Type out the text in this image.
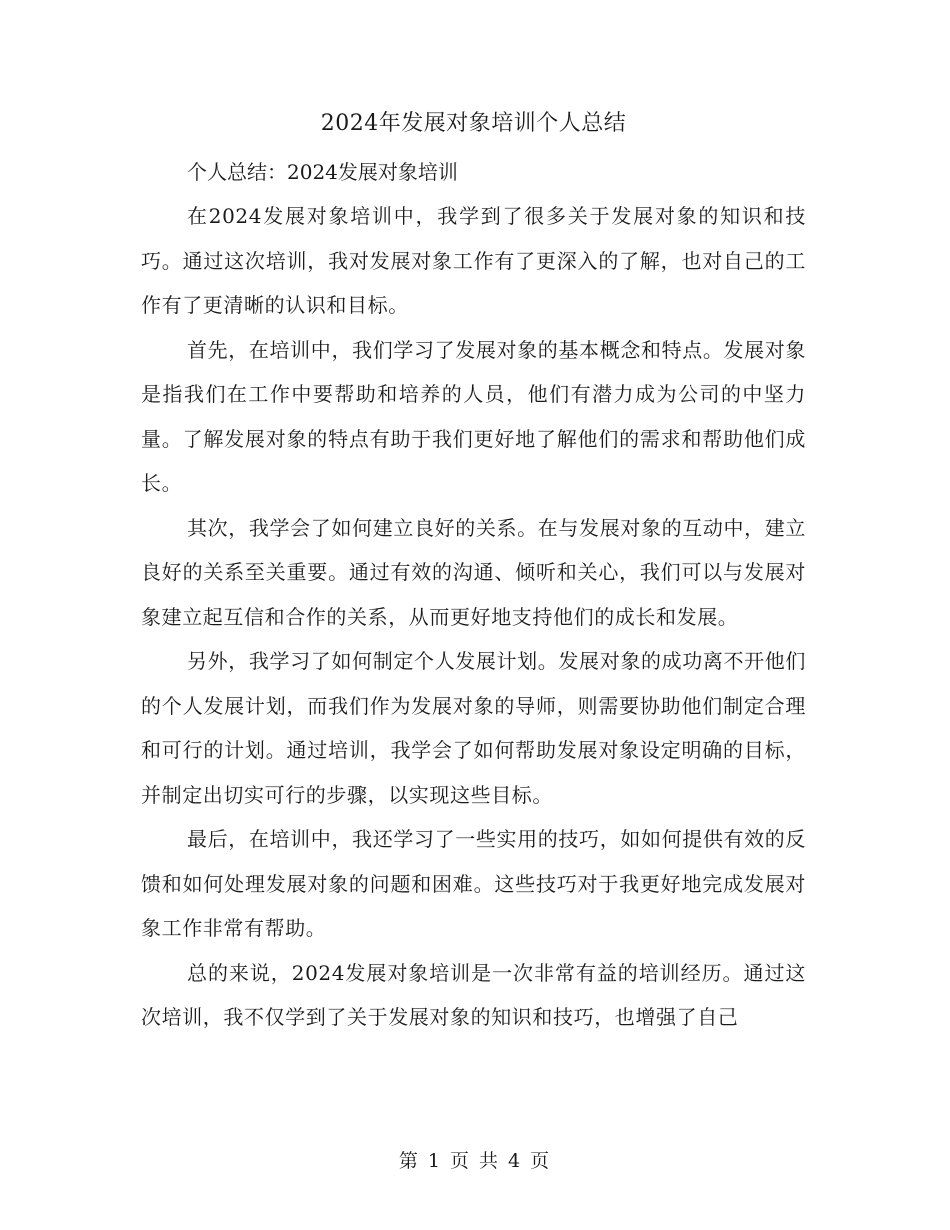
2024年发展对象培训个人总结

个人总结：2024发展对象培训

在2024发展对象培训中，我学到了很多关于发展对象的知识和技巧。通过这次培训，我对发展对象工作有了更深入的了解，也对自己的工作有了更清晰的认识和目标。

首先，在培训中，我们学习了发展对象的基本概念和特点。发展对象是指我们在工作中要帮助和培养的人员，他们有潜力成为公司的中坚力量。了解发展对象的特点有助于我们更好地了解他们的需求和帮助他们成长。

其次，我学会了如何建立良好的关系。在与发展对象的互动中，建立良好的关系至关重要。通过有效的沟通、倾听和关心，我们可以与发展对象建立起互信和合作的关系，从而更好地支持他们的成长和发展。

另外，我学习了如何制定个人发展计划。发展对象的成功离不开他们的个人发展计划，而我们作为发展对象的导师，则需要协助他们制定合理和可行的计划。通过培训，我学会了如何帮助发展对象设定明确的目标，并制定出切实可行的步骤，以实现这些目标。

最后，在培训中，我还学习了一些实用的技巧，如如何提供有效的反馈和如何处理发展对象的问题和困难。这些技巧对于我更好地完成发展对象工作非常有帮助。

总的来说，2024发展对象培训是一次非常有益的培训经历。通过这次培训，我不仅学到了关于发展对象的知识和技巧，也增强了自己

第 1 页 共 4 页
